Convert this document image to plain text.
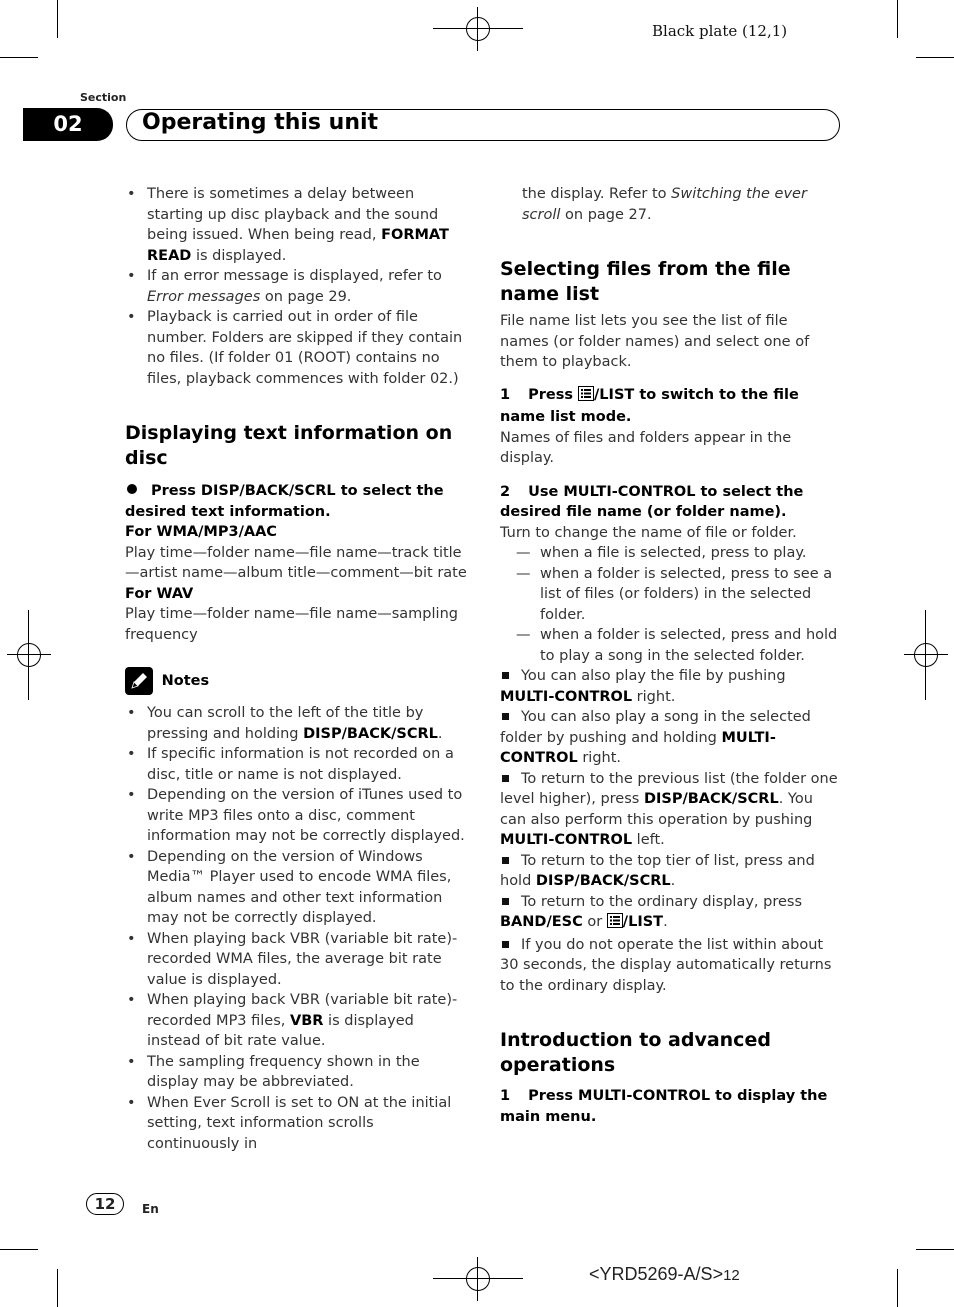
Black plate (12,1)
Section
02	Operating this unit
• There is sometimes a delay between starting up disc playback and the sound being issued. When being read, FORMAT READ is displayed.
• If an error message is displayed, refer to Error messages on page 29.
• Playback is carried out in order of file number. Folders are skipped if they contain no files. (If folder 01 (ROOT) contains no files, playback commences with folder 02.)
Displaying text information on disc

Press DISP/BACK/SCRL to select the desired text information.

For WMA/MP3/AAC

Play time—folder name—file name—track title—artist name—album title—comment—bit rate

For WAV

Play time—folder name—file name—sampling frequency

Notes

• You can scroll to the left of the title by pressing and holding DISP/BACK/SCRL.
• If specific information is not recorded on a disc, title or name is not displayed.
• Depending on the version of iTunes used to write MP3 files onto a disc, comment information may not be correctly displayed.
• Depending on the version of Windows Media™ Player used to encode WMA files, album names and other text information may not be correctly displayed.
• When playing back VBR (variable bit rate)-recorded WMA files, the average bit rate value is displayed.
• When playing back VBR (variable bit rate)-recorded MP3 files, VBR is displayed instead of bit rate value.
• The sampling frequency shown in the display may be abbreviated.
• When Ever Scroll is set to ON at the initial setting, text information scrolls continuously in

the display. Refer to Switching the ever scroll on page 27.

Selecting files from the file name list

File name list lets you see the list of file names (or folder names) and select one of them to playback.

1 Press /LIST to switch to the file name list mode.

Names of files and folders appear in the display.

2 Use MULTI-CONTROL to select the desired file name (or folder name).

Turn to change the name of file or folder.

— when a file is selected, press to play.

— when a folder is selected, press to see a list of files (or folders) in the selected folder.

— when a folder is selected, press and hold to play a song in the selected folder.

You can also play the file by pushing MULTI-CONTROL right.

You can also play a song in the selected folder by pushing and holding MULTI-CONTROL right.

To return to the previous list (the folder one level higher), press DISP/BACK/SCRL. You can also perform this operation by pushing MULTI-CONTROL left.

To return to the top tier of list, press and hold DISP/BACK/SCRL.

To return to the ordinary display, press BAND/ESC or /LIST.

If you do not operate the list within about 30 seconds, the display automatically returns to the ordinary display.

Introduction to advanced operations

1 Press MULTI-CONTROL to display the main menu.

12	En
<YRD5269-A/S>12
